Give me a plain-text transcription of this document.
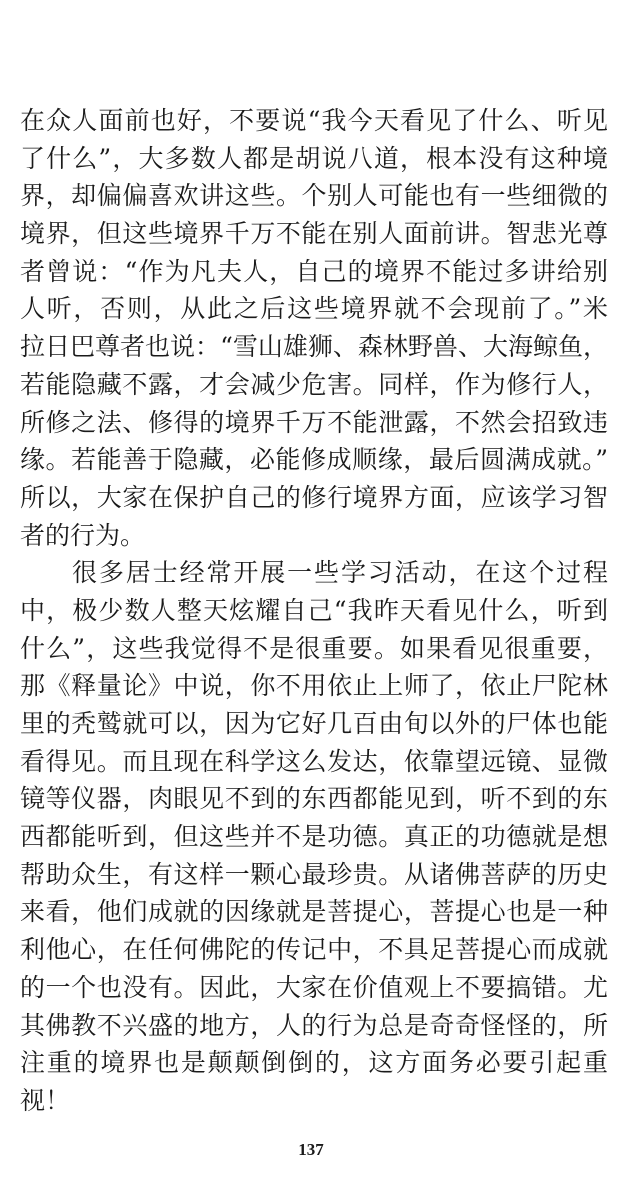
在众人面前也好，不要说“我今天看见了什么、听见
了什么”，大多数人都是胡说八道，根本没有这种境
界，却偏偏喜欢讲这些。个别人可能也有一些细微的
境界，但这些境界千万不能在别人面前讲。智悲光尊
者曾说：“作为凡夫人，自己的境界不能过多讲给别
人听，否则，从此之后这些境界就不会现前了。”米
拉日巴尊者也说：“雪山雄狮、森林野兽、大海鲸鱼，
若能隐藏不露，才会减少危害。同样，作为修行人，
所修之法、修得的境界千万不能泄露，不然会招致违
缘。若能善于隐藏，必能修成顺缘，最后圆满成就。”
所以，大家在保护自己的修行境界方面，应该学习智
者的行为。
很多居士经常开展一些学习活动，在这个过程
中，极少数人整天炫耀自己“我昨天看见什么，听到
什么”，这些我觉得不是很重要。如果看见很重要，
那《释量论》中说，你不用依止上师了，依止尸陀林
里的秃鹫就可以，因为它好几百由旬以外的尸体也能
看得见。而且现在科学这么发达，依靠望远镜、显微
镜等仪器，肉眼见不到的东西都能见到，听不到的东
西都能听到，但这些并不是功德。真正的功德就是想
帮助众生，有这样一颗心最珍贵。从诸佛菩萨的历史
来看，他们成就的因缘就是菩提心，菩提心也是一种
利他心，在任何佛陀的传记中，不具足菩提心而成就
的一个也没有。因此，大家在价值观上不要搞错。尤
其佛教不兴盛的地方，人的行为总是奇奇怪怪的，所
注重的境界也是颠颠倒倒的，这方面务必要引起重
视！
137
